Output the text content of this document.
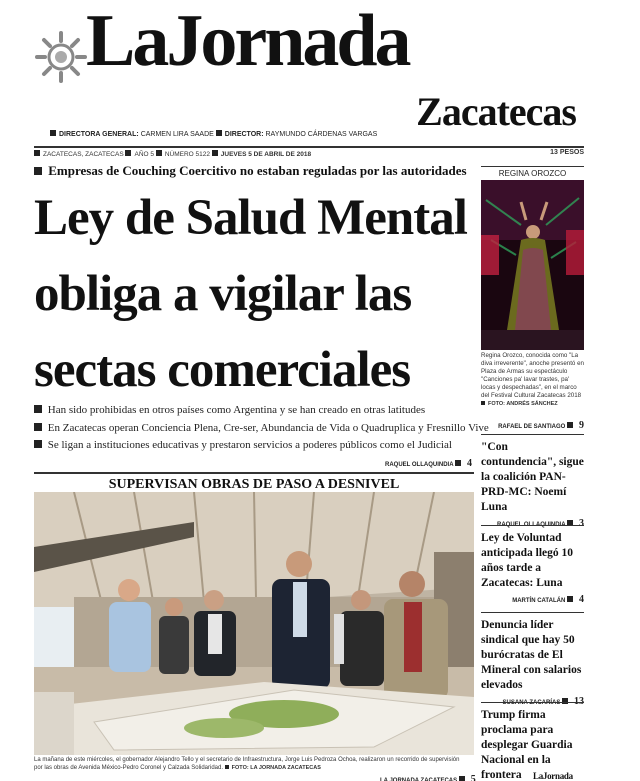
LaJornada
Zacatecas
DIRECTORA GENERAL: CARMEN LIRA SAADE DIRECTOR: RAYMUNDO CÁRDENAS VARGAS
ZACATECAS, ZACATECAS AÑO 5 NÚMERO 5122 JUEVES 5 DE ABRIL DE 2018	13 PESOS
Empresas de Couching Coercitivo no estaban reguladas por las autoridades
Ley de Salud Mental
obliga a vigilar las
sectas comerciales
Han sido prohibidas en otros países como Argentina y se han creado en otras latitudes
En Zacatecas operan Conciencia Plena, Cre-ser, Abundancia de Vida o Quadruplica y Fresnillo Vive
Se ligan a instituciones educativas y prestaron servicios a poderes públicos como el Judicial
RAQUEL OLLAQUINDIA 4
SUPERVISAN OBRAS DE PASO A DESNIVEL
La mañana de este miércoles, el gobernador Alejandro Tello y el secretario de Infraestructura, Jorge Luis Pedroza Ochoa, realizaron un recorrido de supervisión
por las obras de Avenida México-Pedro Coronel y Calzada Solidaridad. FOTO: LA JORNADA ZACATECAS
LA JORNADA ZACATECAS 5
REGINA OROZCO
Regina Orozco, conocida como "La diva irreverente", anoche presentó en Plaza de Armas su espectáculo "Canciones pa' lavar trastes, pa' locas y despechadas", en el marco del Festival Cultural Zacatecas 2018
FOTO: ANDRÉS SÁNCHEZ
RAFAEL DE SANTIAGO 9
"Con contundencia", sigue la coalición PAN-PRD-MC: Noemí Luna
RAQUEL OLLAQUINDIA 3
Ley de Voluntad anticipada llegó 10 años tarde a Zacatecas: Luna
MARTÍN CATALÁN 4
Denuncia líder sindical que hay 50 burócratas de El Mineral con salarios elevados
SUSANA ZACARÍAS 13
Trump firma proclama para desplegar Guardia Nacional en la frontera	LaJornada
